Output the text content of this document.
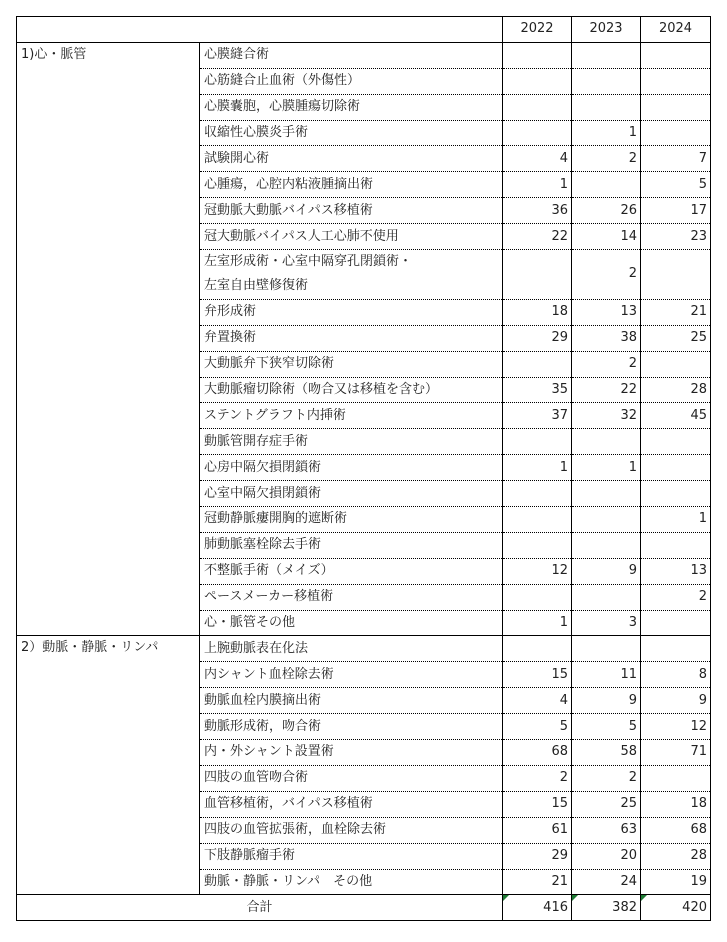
		2022	2023	2024
1)心・脈管	心膜縫合術			

	心筋縫合止血術（外傷性）			

	心膜嚢胞，心膜腫瘍切除術			

	収縮性心膜炎手術		1	

	試験開心術	4	2	7

	心腫瘍，心腔内粘液腫摘出術	1		5

	冠動脈大動脈バイパス移植術	36	26	17

	冠大動脈バイパス人工心肺不使用	22	14	23

	左室形成術・心室中隔穿孔閉鎖術・
左室自由壁修復術		2	

	弁形成術	18	13	21

	弁置換術	29	38	25

	大動脈弁下狭窄切除術		2	

	大動脈瘤切除術（吻合又は移植を含む）	35	22	28

	ステントグラフト内挿術	37	32	45

	動脈管開存症手術			

	心房中隔欠損閉鎖術	1	1	

	心室中隔欠損閉鎖術			

	冠動静脈瘻開胸的遮断術			1

	肺動脈塞栓除去手術			

	不整脈手術（メイズ）	12	9	13

	ペースメーカー移植術			2

	心・脈管その他	1	3	
2）動脈・静脈・リンパ	上腕動脈表在化法			

	内シャント血栓除去術	15	11	8

	動脈血栓内膜摘出術	4	9	9

	動脈形成術，吻合術	5	5	12

	内・外シャント設置術	68	58	71

	四肢の血管吻合術	2	2	

	血管移植術，バイパス移植術	15	25	18

	四肢の血管拡張術，血栓除去術	61	63	68

	下肢静脈瘤手術	29	20	28

	動脈・静脈・リンパ　その他	21	24	19
合計		416	382	420
